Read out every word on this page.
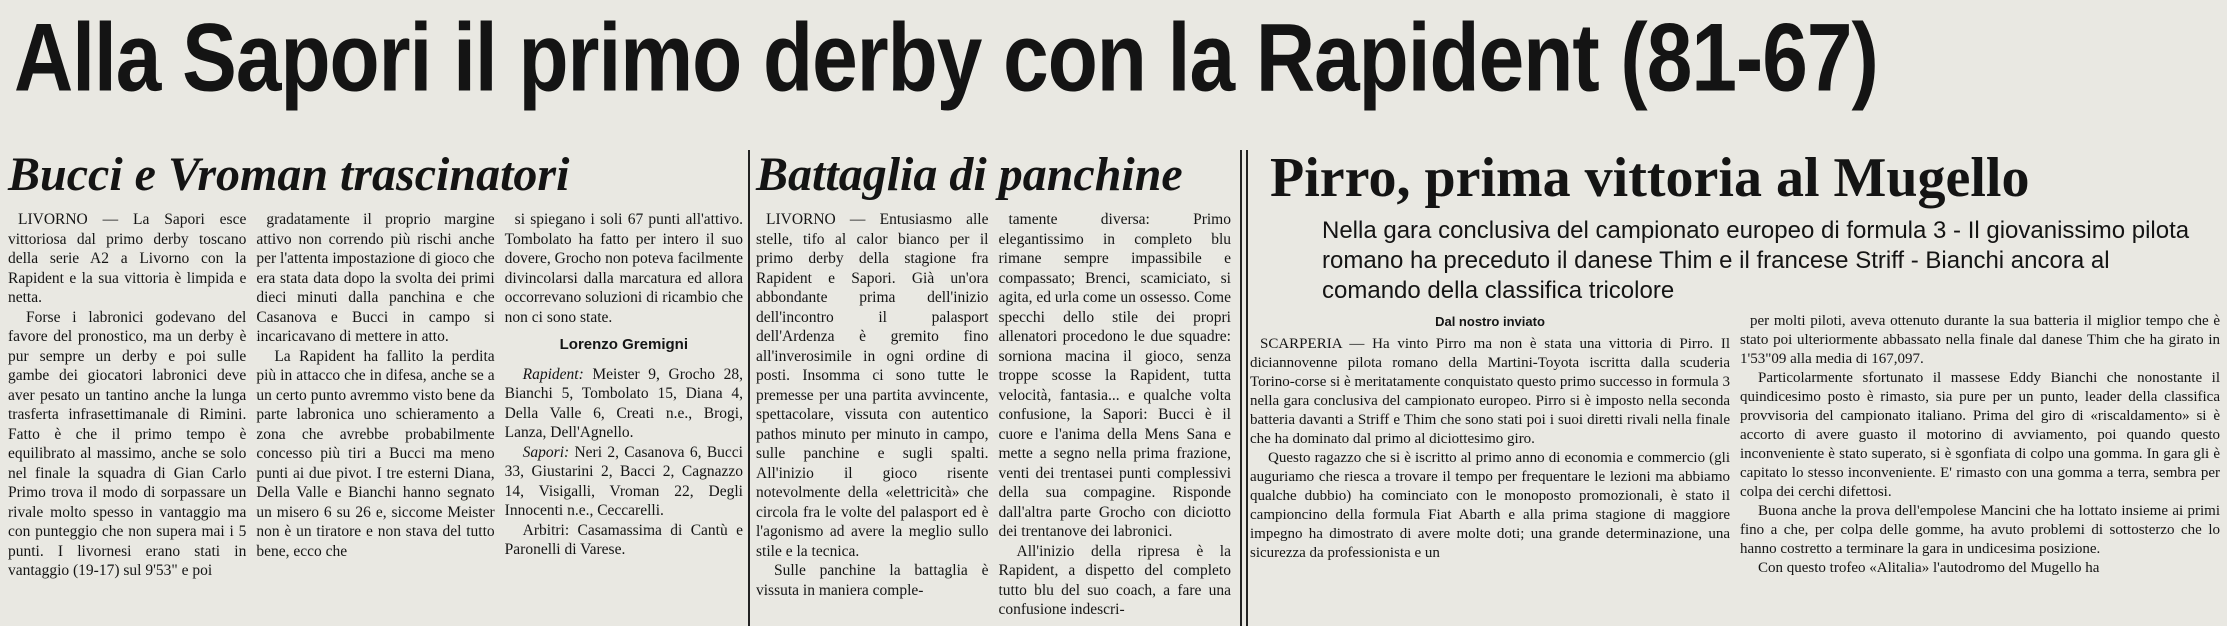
Alla Sapori il primo derby con la Rapident (81-67)
Bucci e Vroman trascinatori

LIVORNO — La Sapori esce vittoriosa dal primo derby toscano della serie A2 a Livorno con la Rapident e la sua vittoria è limpida e netta.

Forse i labronici godevano del favore del pronostico, ma un derby è pur sempre un derby e poi sulle gambe dei giocatori labronici deve aver pesato un tantino anche la lunga trasferta infrasettimanale di Rimini. Fatto è che il primo tempo è equilibrato al massimo, anche se solo nel finale la squadra di Gian Carlo Primo trova il modo di sorpassare un rivale molto spesso in vantaggio ma con punteggio che non supera mai i 5 punti. I livornesi erano stati in vantaggio (19-17) sul 9'53" e poi

gradatamente il proprio margine attivo non correndo più rischi anche per l'attenta impostazione di gioco che era stata data dopo la svolta dei primi dieci minuti dalla panchina e che Casanova e Bucci in campo si incaricavano di mettere in atto.

La Rapident ha fallito la perdita più in attacco che in difesa, anche se a un certo punto avremmo visto bene da parte labronica uno schieramento a zona che avrebbe probabilmente concesso più tiri a Bucci ma meno punti ai due pivot. I tre esterni Diana, Della Valle e Bianchi hanno segnato un misero 6 su 26 e, siccome Meister non è un tiratore e non stava del tutto bene, ecco che

si spiegano i soli 67 punti all'attivo. Tombolato ha fatto per intero il suo dovere, Grocho non poteva facilmente divincolarsi dalla marcatura ed allora occorrevano soluzioni di ricambio che non ci sono state.

Lorenzo Gremigni

Rapident: Meister 9, Grocho 28, Bianchi 5, Tombolato 15, Diana 4, Della Valle 6, Creati n.e., Brogi, Lanza, Dell'Agnello.

Sapori: Neri 2, Casanova 6, Bucci 33, Giustarini 2, Bacci 2, Cagnazzo 14, Visigalli, Vroman 22, Degli Innocenti n.e., Ceccarelli.

Arbitri: Casamassima di Cantù e Paronelli di Varese.

Battaglia di panchine

LIVORNO — Entusiasmo alle stelle, tifo al calor bianco per il primo derby della stagione fra Rapident e Sapori. Già un'ora abbondante prima dell'inizio dell'incontro il palasport dell'Ardenza è gremito fino all'inverosimile in ogni ordine di posti. Insomma ci sono tutte le premesse per una partita avvincente, spettacolare, vissuta con autentico pathos minuto per minuto in campo, sulle panchine e sugli spalti. All'inizio il gioco risente notevolmente della «elettricità» che circola fra le volte del palasport ed è l'agonismo ad avere la meglio sullo stile e la tecnica.

Sulle panchine la battaglia è vissuta in maniera comple-

tamente diversa: Primo elegantissimo in completo blu rimane sempre impassibile e compassato; Brenci, scamiciato, si agita, ed urla come un ossesso. Come specchi dello stile dei propri allenatori procedono le due squadre: sorniona macina il gioco, senza troppe scosse la Rapident, tutta velocità, fantasia... e qualche volta confusione, la Sapori: Bucci è il cuore e l'anima della Mens Sana e mette a segno nella prima frazione, venti dei trentasei punti complessivi della sua compagine. Risponde dall'altra parte Grocho con diciotto dei trentanove dei labronici.

All'inizio della ripresa è la Rapident, a dispetto del completo tutto blu del suo coach, a fare una confusione indescri-

Pirro, prima vittoria al Mugello
Nella gara conclusiva del campionato europeo di formula 3 - Il giovanissimo pilota romano ha preceduto il danese Thim e il francese Striff - Bianchi ancora al comando della classifica tricolore
Dal nostro inviato

SCARPERIA — Ha vinto Pirro ma non è stata una vittoria di Pirro. Il diciannovenne pilota romano della Martini-Toyota iscritta dalla scuderia Torino-corse si è meritatamente conquistato questo primo successo in formula 3 nella gara conclusiva del campionato europeo. Pirro si è imposto nella seconda batteria davanti a Striff e Thim che sono stati poi i suoi diretti rivali nella finale che ha dominato dal primo al diciottesimo giro.

Questo ragazzo che si è iscritto al primo anno di economia e commercio (gli auguriamo che riesca a trovare il tempo per frequentare le lezioni ma abbiamo qualche dubbio) ha cominciato con le monoposto promozionali, è stato il campioncino della formula Fiat Abarth e alla prima stagione di maggiore impegno ha dimostrato di avere molte doti; una grande determinazione, una sicurezza da professionista e un

per molti piloti, aveva ottenuto durante la sua batteria il miglior tempo che è stato poi ulteriormente abbassato nella finale dal danese Thim che ha girato in 1'53"09 alla media di 167,097.

Particolarmente sfortunato il massese Eddy Bianchi che nonostante il quindicesimo posto è rimasto, sia pure per un punto, leader della classifica provvisoria del campionato italiano. Prima del giro di «riscaldamento» si è accorto di avere guasto il motorino di avviamento, poi quando questo inconveniente è stato superato, si è sgonfiata di colpo una gomma. In gara gli è capitato lo stesso inconveniente. E' rimasto con una gomma a terra, sembra per colpa dei cerchi difettosi.

Buona anche la prova dell'empolese Mancini che ha lottato insieme ai primi fino a che, per colpa delle gomme, ha avuto problemi di sottosterzo che lo hanno costretto a terminare la gara in undicesima posizione.

Con questo trofeo «Alitalia» l'autodromo del Mugello ha
